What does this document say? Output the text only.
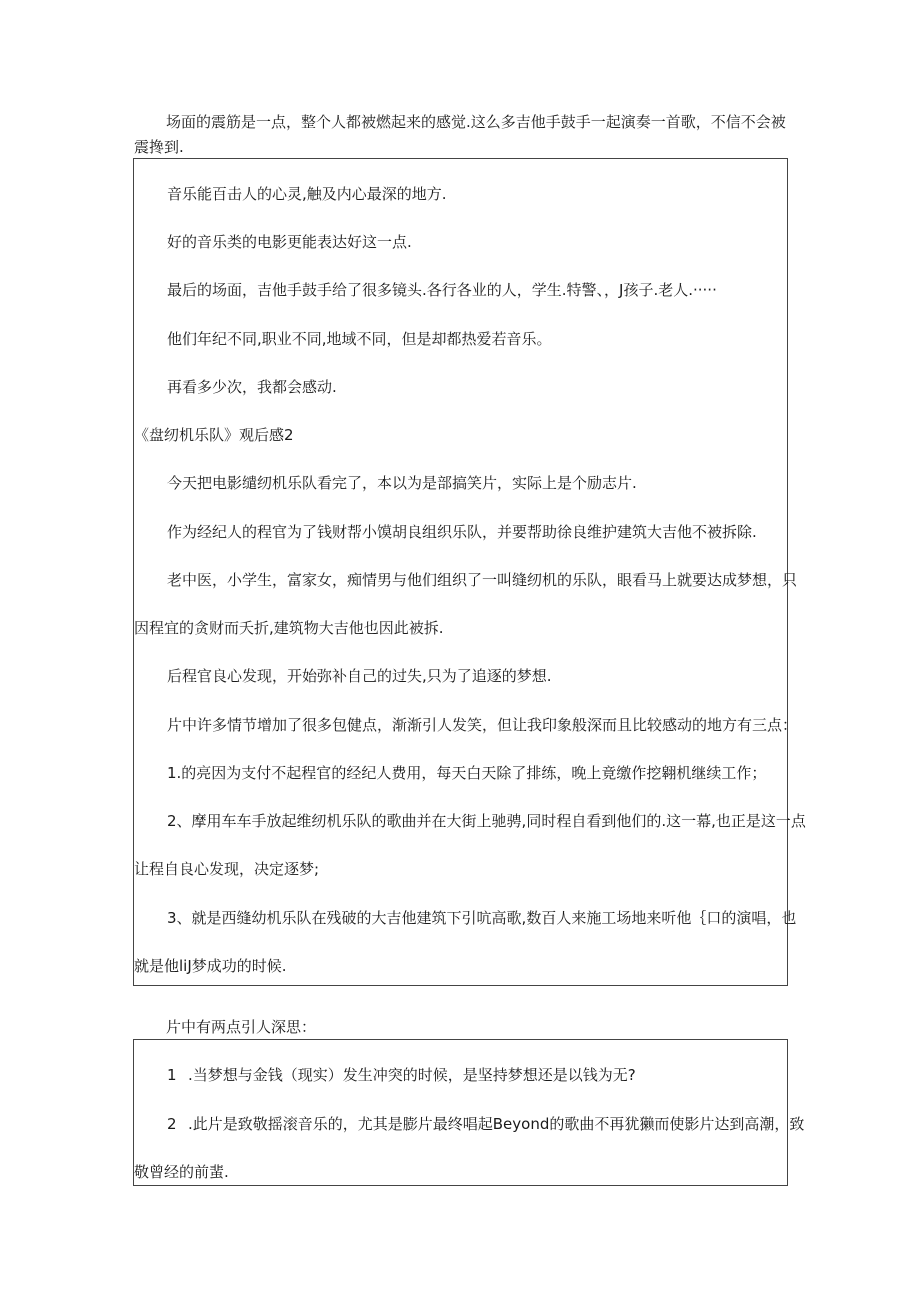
场面的震筋是一点，整个人都被燃起来的感觉.这么多吉他手鼓手一起演奏一首歌，不信不会被

震搀到.

音乐能百击人的心灵,触及内心最深的地方.

好的音乐类的电影更能表达好这一点.

最后的场面，吉他手鼓手给了很多镜头.各行各业的人，学生.特警、，J孩子.老人.·····

他们年纪不同,职业不同,地域不同，但是却都热爱若音乐。

再看多少次，我都会感动.

《盘纫机乐队》观后感2

今天把电影缱纫机乐队看完了，本以为是部搞笑片，实际上是个励志片.

作为经纪人的程官为了钱财帮小馍胡良组织乐队，并要帮助徐良维护建筑大吉他不被拆除.

老中医，小学生，富家女，痴情男与他们组织了一叫缝纫机的乐队，眼看马上就要达成梦想，只

因程宜的贪财而夭折,建筑物大吉他也因此被拆.

后程官良心发现，开始弥补自己的过失,只为了追逐的梦想.

片中许多情节增加了很多包健点，渐渐引人发笑，但让我印象般深而且比较感动的地方有三点：

1.的亮因为支付不起程官的经纪人费用，每天白天除了排练，晚上竟缴作挖翱机继续工作；

2、摩用车车手放起维纫机乐队的歌曲并在大街上驰骋,同时程自看到他们的.这一幕,也正是这一点

让程自良心发现，决定逐梦;

3、就是西缝幼机乐队在残破的大吉他建筑下引吭高歌,数百人来施工场地来听他｛口的演唱，也

就是他liJ梦成功的时候.

片中有两点引人深思：

1 .当梦想与金钱（现实）发生冲突的时候，是坚持梦想还是以钱为无?
2 .此片是致敬摇滚音乐的，尤其是膨片最终唱起Beyond的歌曲不再犹獭而使影片达到高潮，致
敬曾经的前蜚.
